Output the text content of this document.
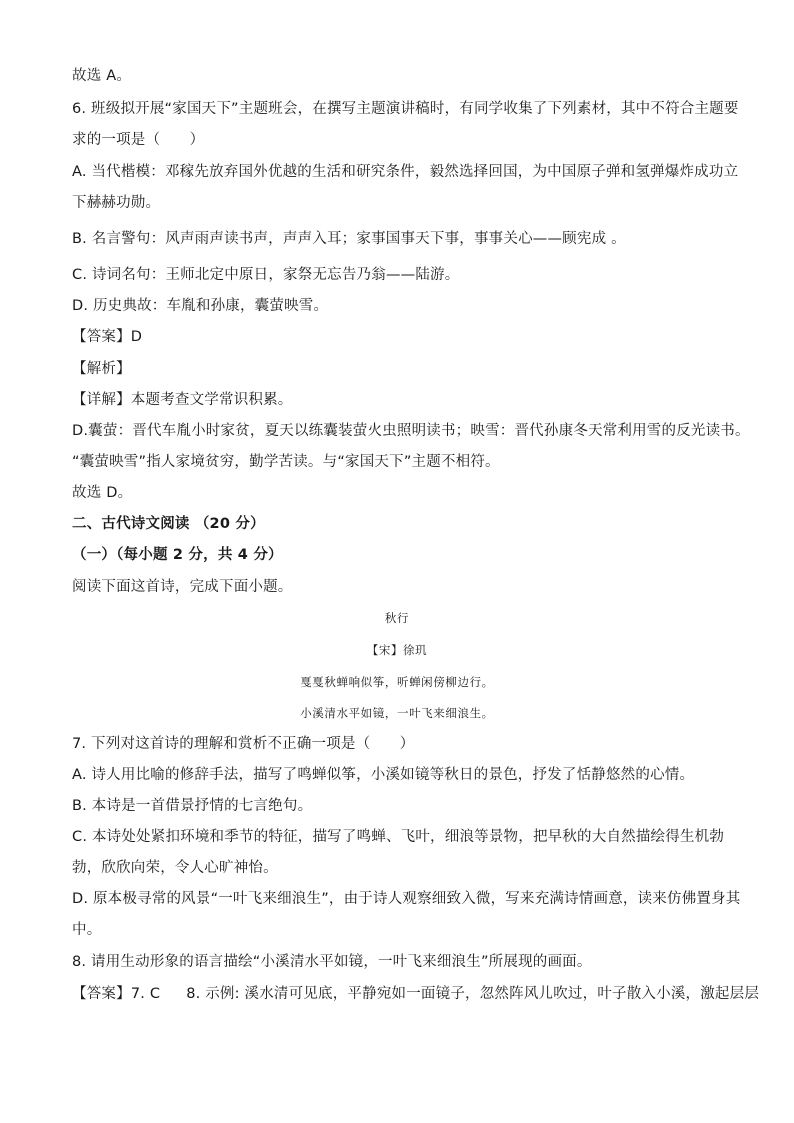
故选 A。
6. 班级拟开展“家国天下”主题班会，在撰写主题演讲稿时，有同学收集了下列素材，其中不符合主题要
求的一项是（　　）
A. 当代楷模：邓稼先放弃国外优越的生活和研究条件，毅然选择回国，为中国原子弹和氢弹爆炸成功立
下赫赫功勋。
B. 名言警句：风声雨声读书声，声声入耳；家事国事天下事，事事关心——顾宪成 。
C. 诗词名句：王师北定中原日，家祭无忘告乃翁——陆游。
D. 历史典故：车胤和孙康，囊萤映雪。
【答案】D
【解析】
【详解】本题考查文学常识积累。
D.囊萤：晋代车胤小时家贫，夏天以练囊装萤火虫照明读书；映雪：晋代孙康冬天常利用雪的反光读书。
“囊萤映雪”指人家境贫穷，勤学苦读。与“家国天下”主题不相符。
故选 D。
二、古代诗文阅读 （20 分）
（一）（每小题 2 分，共 4 分）
阅读下面这首诗，完成下面小题。
秋行
【宋】徐玑
戛戛秋蝉响似筝，听蝉闲傍柳边行。
小溪清水平如镜，一叶飞来细浪生。
7. 下列对这首诗的理解和赏析不正确一项是（　　）
A. 诗人用比喻的修辞手法，描写了鸣蝉似筝，小溪如镜等秋日的景色，抒发了恬静悠然的心情。
B. 本诗是一首借景抒情的七言绝句。
C. 本诗处处紧扣环境和季节的特征，描写了鸣蝉、飞叶，细浪等景物，把早秋的大自然描绘得生机勃
勃，欣欣向荣，令人心旷神怡。
D. 原本极寻常的风景“一叶飞来细浪生”，由于诗人观察细致入微，写来充满诗情画意，读来仿佛置身其
中。
8. 请用生动形象的语言描绘“小溪清水平如镜，一叶飞来细浪生”所展现的画面。
【答案】7. C 8. 示例: 溪水清可见底，平静宛如一面镜子，忽然阵风儿吹过，叶子散入小溪，激起层层
